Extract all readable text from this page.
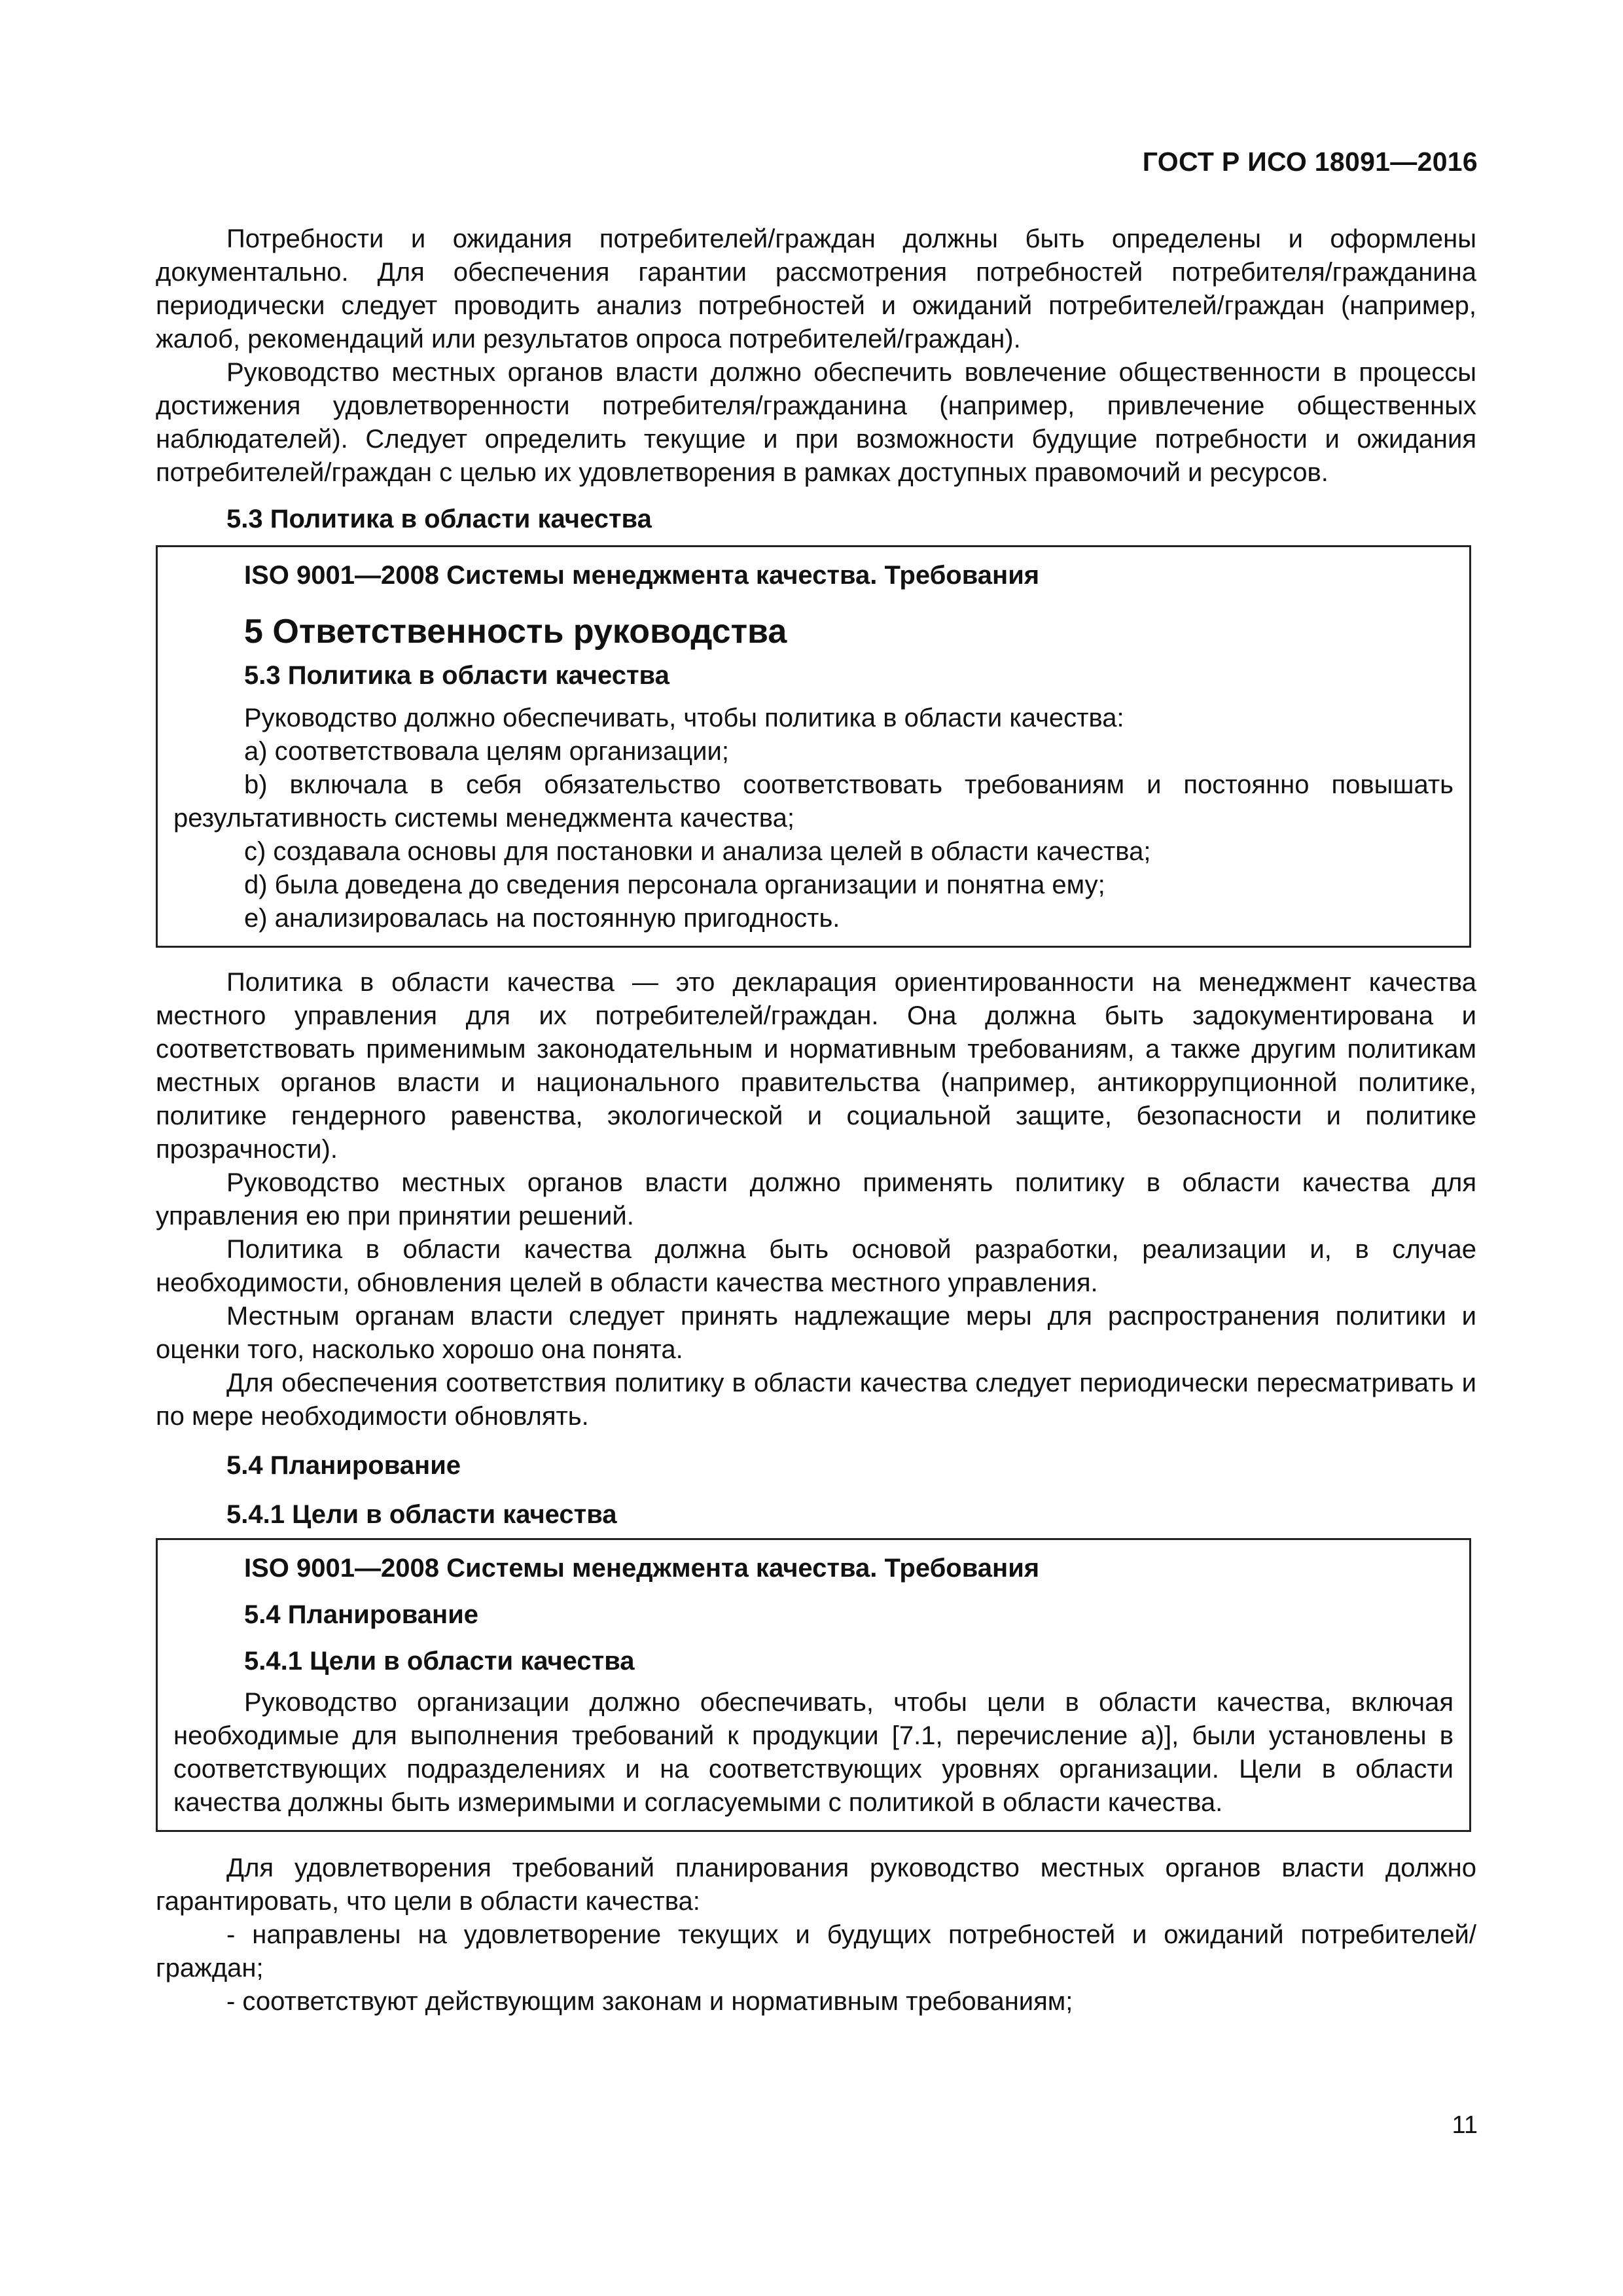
ГОСТ Р ИСО 18091—2016

Потребности и ожидания потребителей/граждан должны быть определены и оформлены документально. Для обеспечения гарантии рассмотрения потребностей потребителя/гражданина периодически следует проводить анализ потребностей и ожиданий потребителей/граждан (например, жалоб, рекомендаций или результатов опроса потребителей/граждан).

Руководство местных органов власти должно обеспечить вовлечение общественности в процессы достижения удовлетворенности потребителя/гражданина (например, привлечение общественных наблюдателей). Следует определить текущие и при возможности будущие потребности и ожидания потребителей/граждан с целью их удовлетворения в рамках доступных правомочий и ресурсов.

5.3 Политика в области качества
ISO 9001—2008 Системы менеджмента качества. Требования
5 Ответственность руководства
5.3 Политика в области качества

Руководство должно обеспечивать, чтобы политика в области качества:

а) соответствовала целям организации;

b) включала в себя обязательство соответствовать требованиям и постоянно повышать результативность системы менеджмента качества;

c) создавала основы для постановки и анализа целей в области качества;

d) была доведена до сведения персонала организации и понятна ему;

e) анализировалась на постоянную пригодность.

Политика в области качества — это декларация ориентированности на менеджмент качества местного управления для их потребителей/граждан. Она должна быть задокументирована и соответствовать применимым законодательным и нормативным требованиям, а также другим политикам местных органов власти и национального правительства (например, антикоррупционной политике, политике гендерного равенства, экологической и социальной защите, безопасности и политике прозрачности).

Руководство местных органов власти должно применять политику в области качества для управления ею при принятии решений.

Политика в области качества должна быть основой разработки, реализации и, в случае необходимости, обновления целей в области качества местного управления.

Местным органам власти следует принять надлежащие меры для распространения политики и оценки того, насколько хорошо она понята.

Для обеспечения соответствия политику в области качества следует периодически пересматривать и по мере необходимости обновлять.

5.4 Планирование
5.4.1 Цели в области качества
ISO 9001—2008 Системы менеджмента качества. Требования
5.4 Планирование
5.4.1 Цели в области качества

Руководство организации должно обеспечивать, чтобы цели в области качества, включая необходимые для выполнения требований к продукции [7.1, перечисление а)], были установлены в соответствующих подразделениях и на соответствующих уровнях организации. Цели в области качества должны быть измеримыми и согласуемыми с политикой в области качества.

Для удовлетворения требований планирования руководство местных органов власти должно гарантировать, что цели в области качества:

- направлены на удовлетворение текущих и будущих потребностей и ожиданий потребителей/граждан;

- соответствуют действующим законам и нормативным требованиям;

11
